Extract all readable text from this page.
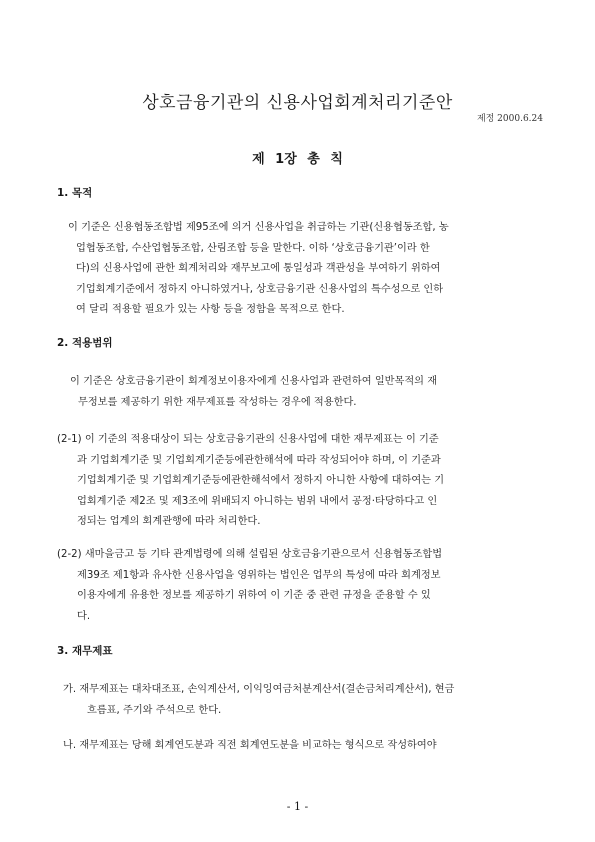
상호금융기관의 신용사업회계처리기준안
제정 2000.6.24
제 1장 총 칙
1. 목적
이 기준은 신용협동조합법 제95조에 의거 신용사업을 취급하는 기관(신용협동조합, 농
업협동조합, 수산업협동조합, 산림조합 등을 말한다. 이하 ‘상호금융기관’이라 한
다)의 신용사업에 관한 회계처리와 재무보고에 통일성과 객관성을 부여하기 위하여
기업회계기준에서 정하지 아니하였거나, 상호금융기관 신용사업의 특수성으로 인하
여 달리 적용할 필요가 있는 사항 등을 정함을 목적으로 한다.
2. 적용범위
이 기준은 상호금융기관이 회계정보이용자에게 신용사업과 관련하여 일반목적의 재
무정보를 제공하기 위한 재무제표를 작성하는 경우에 적용한다.
(2-1) 이 기준의 적용대상이 되는 상호금융기관의 신용사업에 대한 재무제표는 이 기준
과 기업회계기준 및 기업회계기준등에관한해석에 따라 작성되어야 하며, 이 기준과
기업회계기준 및 기업회계기준등에관한해석에서 정하지 아니한 사항에 대하여는 기
업회계기준 제2조 및 제3조에 위배되지 아니하는 범위 내에서 공정·타당하다고 인
정되는 업계의 회계관행에 따라 처리한다.
(2-2) 새마을금고 등 기타 관계법령에 의해 설립된 상호금융기관으로서 신용협동조합법
제39조 제1항과 유사한 신용사업을 영위하는 법인은 업무의 특성에 따라 회계정보
이용자에게 유용한 정보를 제공하기 위하여 이 기준 중 관련 규정을 준용할 수 있
다.
3. 재무제표
가. 재무제표는 대차대조표, 손익계산서, 이익잉여금처분계산서(결손금처리계산서), 현금
흐름표, 주기와 주석으로 한다.
나. 재무제표는 당해 회계연도분과 직전 회계연도분을 비교하는 형식으로 작성하여야
- 1 -
